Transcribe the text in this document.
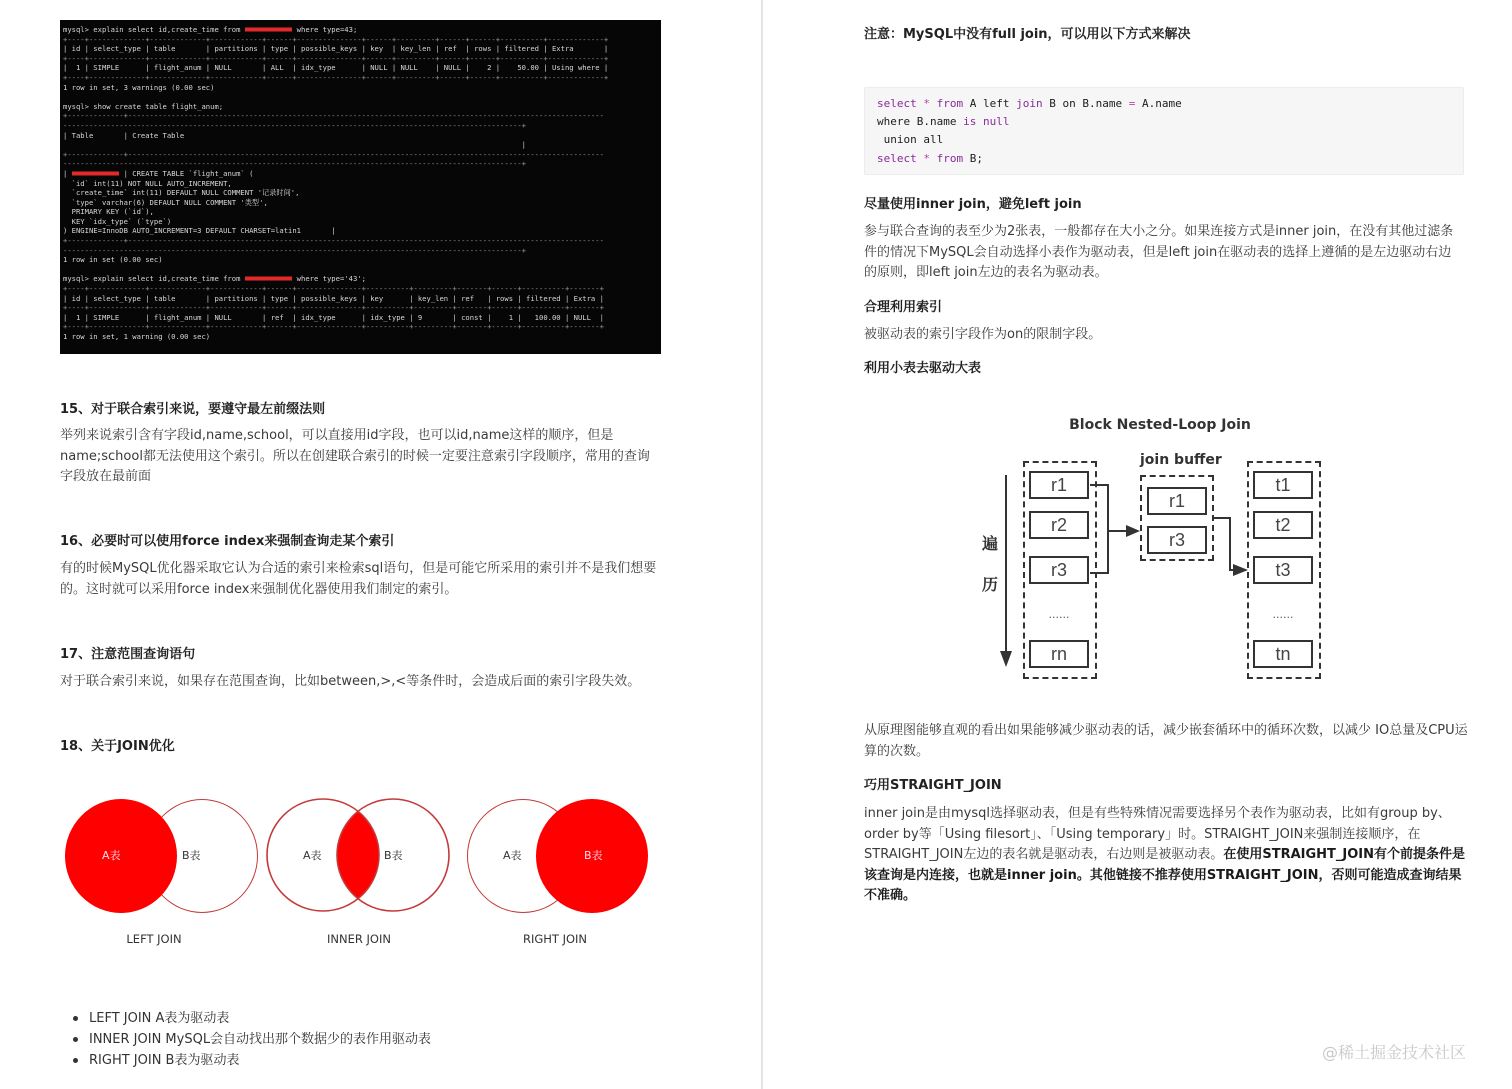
mysql> explain select id,create_time from	where type=43;
+----+-------------+-------------+------------+------+---------------+------+---------+------+------+----------+-------------+
| id | select_type | table       | partitions | type | possible_keys | key  | key_len | ref  | rows | filtered | Extra       |
+----+-------------+-------------+------------+------+---------------+------+---------+------+------+----------+-------------+
|  1 | SIMPLE      | flight_anum | NULL       | ALL  | idx_type      | NULL | NULL    | NULL |    2 |    50.00 | Using where |
+----+-------------+-------------+------------+------+---------------+------+---------+------+------+----------+-------------+
1 row in set, 3 warnings (0.00 sec)

mysql> show create table flight_anum;
+-------------+--------------------------------------------------------------------------------------------------------------
----------------------------------------------------------------------------------------------------------+
| Table       | Create Table
|
+-------------+--------------------------------------------------------------------------------------------------------------
----------------------------------------------------------------------------------------------------------+
|	| CREATE TABLE `flight_anum` (
`id` int(11) NOT NULL AUTO_INCREMENT,
`create_time` int(11) DEFAULT NULL COMMENT '记录时间',
`type` varchar(6) DEFAULT NULL COMMENT '类型',
PRIMARY KEY (`id`),
KEY `idx_type` (`type`)
) ENGINE=InnoDB AUTO_INCREMENT=3 DEFAULT CHARSET=latin1       |
+-------------+--------------------------------------------------------------------------------------------------------------
----------------------------------------------------------------------------------------------------------+
1 row in set (0.00 sec)

mysql> explain select id,create_time from	where type='43';
+----+-------------+-------------+------------+------+---------------+----------+---------+-------+------+----------+-------+
| id | select_type | table       | partitions | type | possible_keys | key      | key_len | ref   | rows | filtered | Extra |
+----+-------------+-------------+------------+------+---------------+----------+---------+-------+------+----------+-------+
|  1 | SIMPLE      | flight_anum | NULL       | ref  | idx_type      | idx_type | 9       | const |    1 |   100.00 | NULL  |
+----+-------------+-------------+------------+------+---------------+----------+---------+-------+------+----------+-------+
1 row in set, 1 warning (0.00 sec)
15、对于联合索引来说，要遵守最左前缀法则
举列来说索引含有字段id,name,school，可以直接用id字段，也可以id,name这样的顺序，但是name;school都无法使用这个索引。所以在创建联合索引的时候一定要注意索引字段顺序，常用的查询字段放在最前面
16、必要时可以使用force index来强制查询走某个索引
有的时候MySQL优化器采取它认为合适的索引来检索sql语句，但是可能它所采用的索引并不是我们想要的。这时就可以采用force index来强制优化器使用我们制定的索引。
17、注意范围查询语句
对于联合索引来说，如果存在范围查询，比如between,>,<等条件时，会造成后面的索引字段失效。
18、关于JOIN优化
A表	B表
LEFT JOIN
A表	B表
INNER JOIN
A表	B表
RIGHT JOIN
LEFT JOIN A表为驱动表
INNER JOIN MySQL会自动找出那个数据少的表作用驱动表
RIGHT JOIN B表为驱动表
注意：MySQL中没有full join，可以用以下方式来解决
select * from A left join B on B.name = A.name
where B.name is null
union all
select * from B;
尽量使用inner join，避免left join
参与联合查询的表至少为2张表，一般都存在大小之分。如果连接方式是inner join，在没有其他过滤条件的情况下MySQL会自动选择小表作为驱动表，但是left join在驱动表的选择上遵循的是左边驱动右边的原则，即left join左边的表名为驱动表。
合理利用索引
被驱动表的索引字段作为on的限制字段。
利用小表去驱动大表
Block Nested-Loop Join
r1
r2
r3
......
rn
join buffer
r1
r3
t1
t2
t3
......
tn
遍
历
从原理图能够直观的看出如果能够减少驱动表的话，减少嵌套循环中的循环次数，以减少 IO总量及CPU运算的次数。
巧用STRAIGHT_JOIN
inner join是由mysql选择驱动表，但是有些特殊情况需要选择另个表作为驱动表，比如有group by、order by等「Using filesort」、「Using temporary」时。STRAIGHT_JOIN来强制连接顺序，在STRAIGHT_JOIN左边的表名就是驱动表，右边则是被驱动表。在使用STRAIGHT_JOIN有个前提条件是该查询是内连接，也就是inner join。其他链接不推荐使用STRAIGHT_JOIN，否则可能造成查询结果不准确。
@稀土掘金技术社区
